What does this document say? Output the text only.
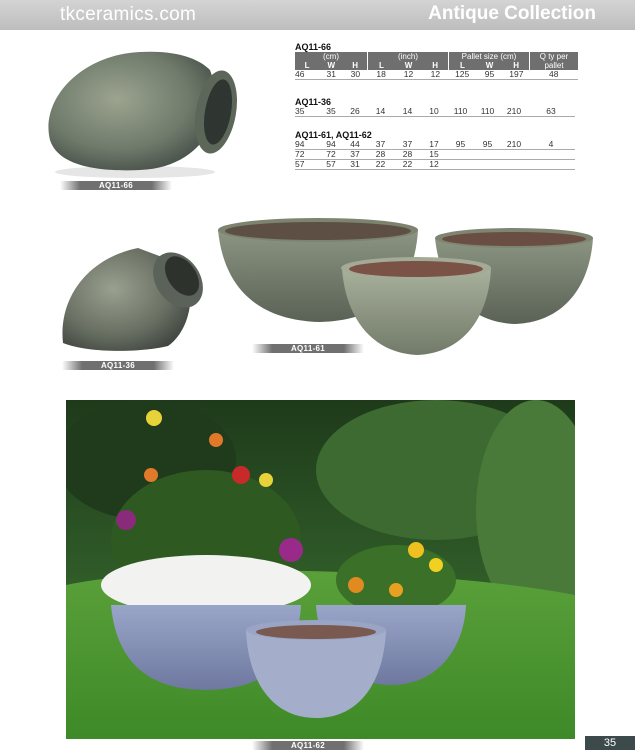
tkceramics.com	Antique Collection
AQ11-66
AQ11-36
AQ11-61
AQ11-66
(cm)			(inch)			Pallet size (cm)			Q ty per
L	W	H	L	W	H	L	W	H	pallet
46	31	30	18	12	12	125	95	197	48
AQ11-36
35	35	26	14	14	10	110	110	210	63
AQ11-61, AQ11-62
94	94	44	37	37	17	95	95	210	4
72	72	37	28	28	15				
57	57	31	22	22	12				
AQ11-62	35
